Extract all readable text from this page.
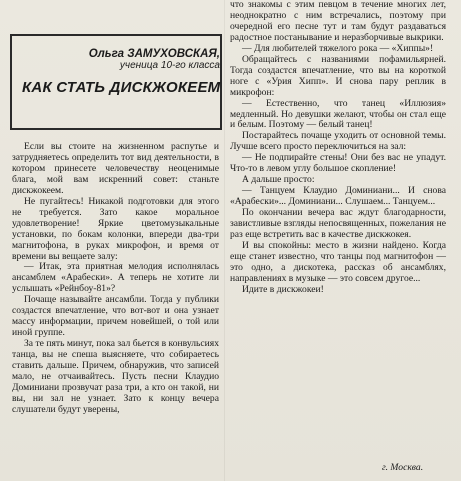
Ольга ЗАМУХОВСКАЯ,
ученица 10-го класса
КАК СТАТЬ ДИСКЖОКЕЕМ

Если вы стоите на жизненном распутье и затрудняетесь определить тот вид деятельности, в котором принесете человечеству неоценимые блага, мой вам искренний совет: станьте дискжокеем.

Не пугайтесь! Никакой подготовки для этого не требуется. Зато какое моральное удовлетворение! Яркие цветомузыкальные установки, по бокам колонки, впереди два-три магнитофона, в руках микрофон, и время от времени вы вещаете залу:

— Итак, эта приятная мелодия исполнялась ансамблем «Арабески». А теперь не хотите ли услышать «Рейнбоу-81»?

Почаще называйте ансамбли. Тогда у публики создастся впечатление, что вот-вот и она узнает массу информации, причем новейшей, о той или иной группе.

За те пять минут, пока зал бьется в конвульсиях танца, вы не спеша выясняете, что собираетесь ставить дальше. Причем, обнаружив, что записей мало, не отчаивайтесь. Пусть песни Клаудио Доминиани прозвучат раза три, а кто он такой, ни вы, ни зал не узнает. Зато к концу вечера слушатели будут уверены,

что знакомы с этим певцом в течение многих лет, неоднократно с ним встречались, поэтому при очередной его песне тут и там будут раздаваться радостное постанывание и неразборчивые выкрики.

— Для любителей тяжелого рока — «Хиппы»!

Обращайтесь с названиями пофамильярней. Тогда создастся впечатление, что вы на короткой ноге с «Урия Хипп». И снова пару реплик в микрофон:

— Естественно, что танец «Иллюзия» медленный. Но девушки желают, чтобы он стал еще и белым. Поэтому — белый танец!

Постарайтесь почаще уходить от основной темы. Лучше всего просто переключиться на зал:

— Не подпирайте стены! Они без вас не упадут. Что-то в левом углу большое скопление!

А дальше просто:

— Танцуем Клаудио Доминиани... И снова «Арабески»... Доминиани... Слушаем... Танцуем...

По окончании вечера вас ждут благодарности, завистливые взгляды непосвященных, пожелания не раз еще встретить вас в качестве дискжокея.

И вы спокойны: место в жизни найдено. Когда еще станет известно, что танцы под магнитофон — это одно, а дискотека, рассказ об ансамблях, направлениях в музыке — это совсем другое...

Идите в дискжокеи!

г. Москва.
